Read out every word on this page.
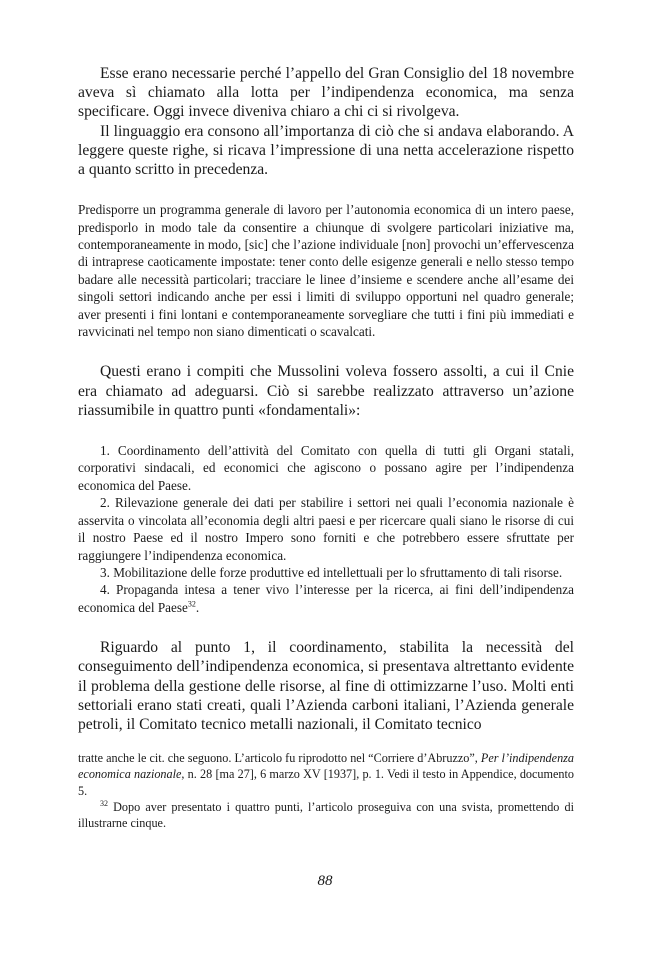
Esse erano necessarie perché l’appello del Gran Consiglio del 18 novembre aveva sì chiamato alla lotta per l’indipendenza economica, ma senza specificare. Oggi invece diveniva chiaro a chi ci si rivolgeva.

Il linguaggio era consono all’importanza di ciò che si andava elaborando. A leggere queste righe, si ricava l’impressione di una netta accelerazione rispetto a quanto scritto in precedenza.

Predisporre un programma generale di lavoro per l’autonomia economica di un intero paese, predisporlo in modo tale da consentire a chiunque di svolgere particolari iniziative ma, contemporaneamente in modo, [sic] che l’azione individuale [non] provochi un’effervescenza di intraprese caoticamente impostate: tener conto delle esigenze generali e nello stesso tempo badare alle necessità particolari; tracciare le linee d’insieme e scendere anche all’esame dei singoli settori indicando anche per essi i limiti di sviluppo opportuni nel quadro generale; aver presenti i fini lontani e contemporaneamente sorvegliare che tutti i fini più immediati e ravvicinati nel tempo non siano dimenticati o scavalcati.

Questi erano i compiti che Mussolini voleva fossero assolti, a cui il Cnie era chiamato ad adeguarsi. Ciò si sarebbe realizzato attraverso un’azione riassumibile in quattro punti «fondamentali»:

1. Coordinamento dell’attività del Comitato con quella di tutti gli Organi statali, corporativi sindacali, ed economici che agiscono o possano agire per l’indipendenza economica del Paese.

2. Rilevazione generale dei dati per stabilire i settori nei quali l’economia nazionale è asservita o vincolata all’economia degli altri paesi e per ricercare quali siano le risorse di cui il nostro Paese ed il nostro Impero sono forniti e che potrebbero essere sfruttate per raggiungere l’indipendenza economica.

3. Mobilitazione delle forze produttive ed intellettuali per lo sfruttamento di tali risorse.

4. Propaganda intesa a tener vivo l’interesse per la ricerca, ai fini dell’indipendenza economica del Paese$^{32}$.

Riguardo al punto 1, il coordinamento, stabilita la necessità del conseguimento dell’indipendenza economica, si presentava altrettanto evidente il problema della gestione delle risorse, al fine di ottimizzarne l’uso. Molti enti settoriali erano stati creati, quali l’Azienda carboni italiani, l’Azienda generale petroli, il Comitato tecnico metalli nazionali, il Comitato tecnico

tratte anche le cit. che seguono. L’articolo fu riprodotto nel “Corriere d’Abruzzo”, Per l’indipendenza economica nazionale, n. 28 [ma 27], 6 marzo XV [1937], p. 1. Vedi il testo in Appendice, documento 5.

$^{32}$ Dopo aver presentato i quattro punti, l’articolo proseguiva con una svista, promettendo di illustrarne cinque.

88
